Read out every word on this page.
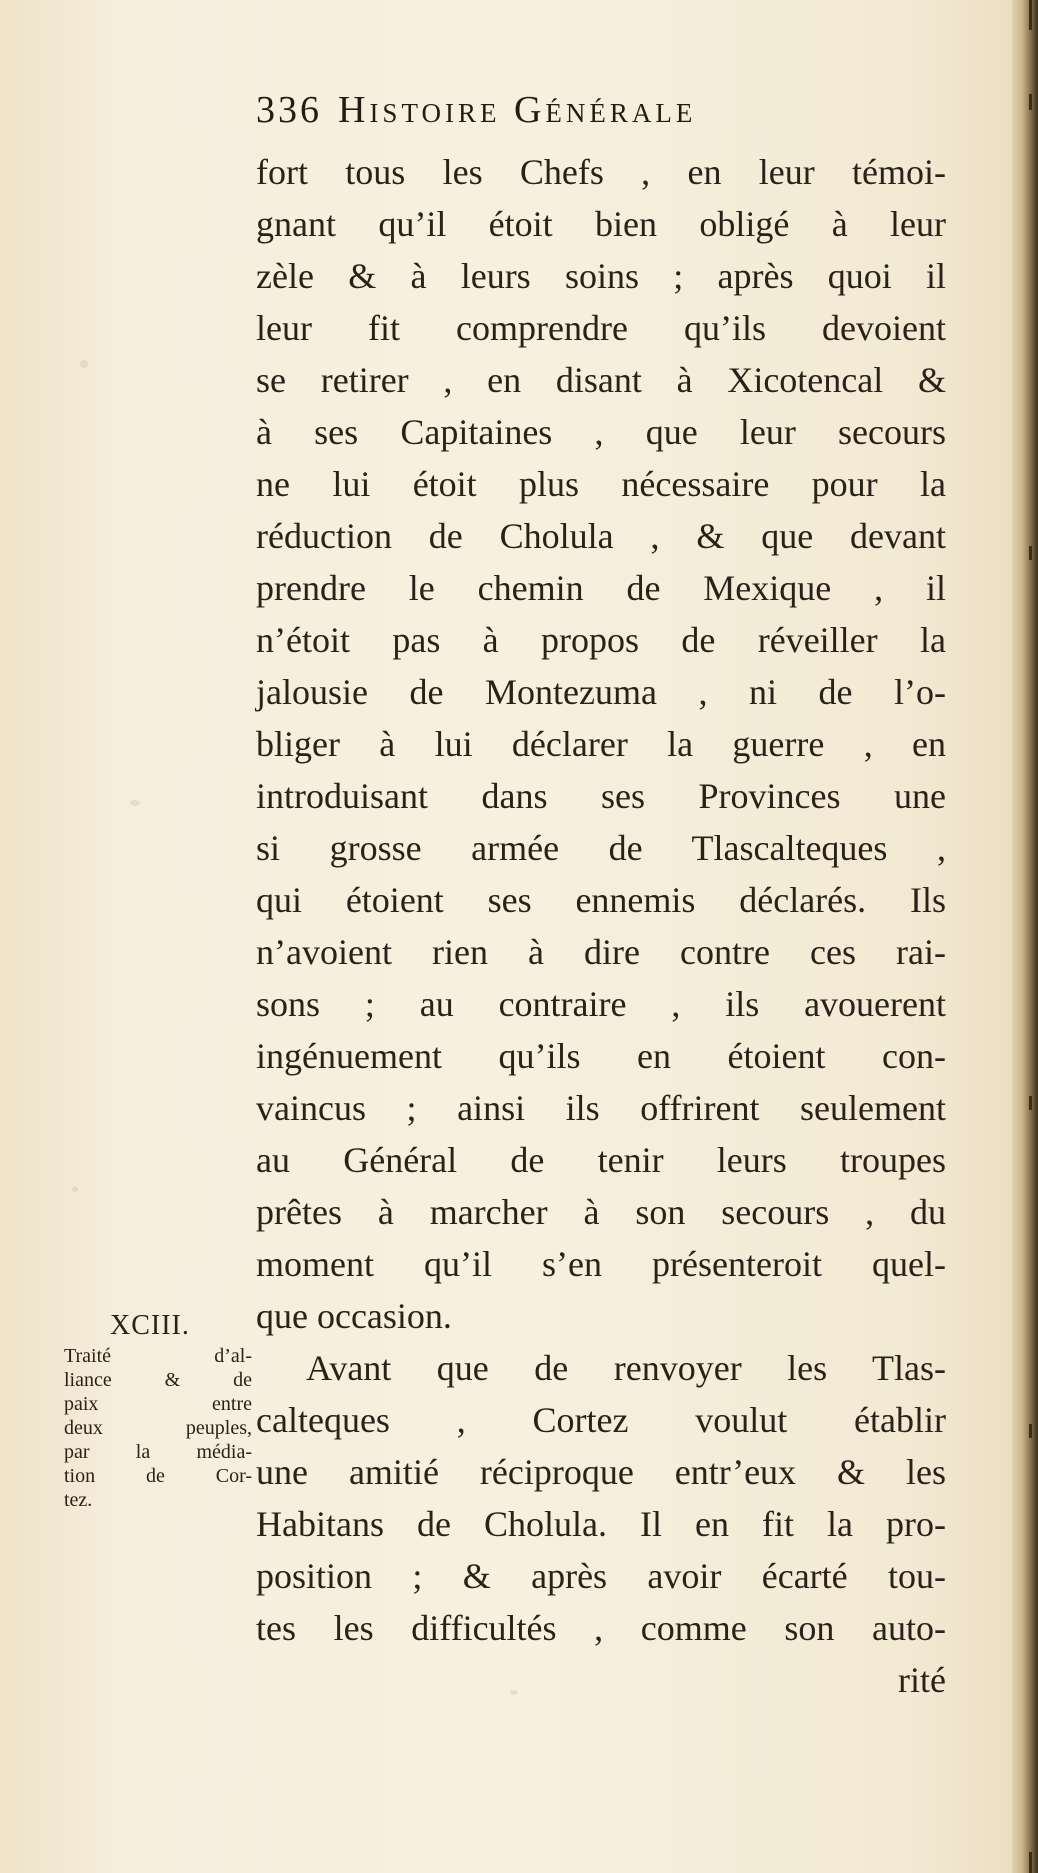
336 Histoire Générale
fort tous les Chefs , en leur témoi-
gnant qu’il étoit bien obligé à leur
zèle & à leurs soins ; après quoi il
leur fit comprendre qu’ils devoient
se retirer , en disant à Xicotencal &
à ses Capitaines , que leur secours
ne lui étoit plus nécessaire pour la
réduction de Cholula , & que devant
prendre le chemin de Mexique , il
n’étoit pas à propos de réveiller la
jalousie de Montezuma , ni de l’o-
bliger à lui déclarer la guerre , en
introduisant dans ses Provinces une
si grosse armée de Tlascalteques ,
qui étoient ses ennemis déclarés. Ils
n’avoient rien à dire contre ces rai-
sons ; au contraire , ils avouerent
ingénuement qu’ils en étoient con-
vaincus ; ainsi ils offrirent seulement
au Général de tenir leurs troupes
prêtes à marcher à son secours , du
moment qu’il s’en présenteroit quel-
que occasion.
Avant que de renvoyer les Tlas-
calteques , Cortez voulut établir
une amitié réciproque entr’eux & les
Habitans de Cholula. Il en fit la pro-
position ; & après avoir écarté tou-
tes les difficultés , comme son auto-
rité
XCIII.
Traité d’al-
liance & de
paix entre
deux peuples,
par la média-
tion de Cor-
tez.
